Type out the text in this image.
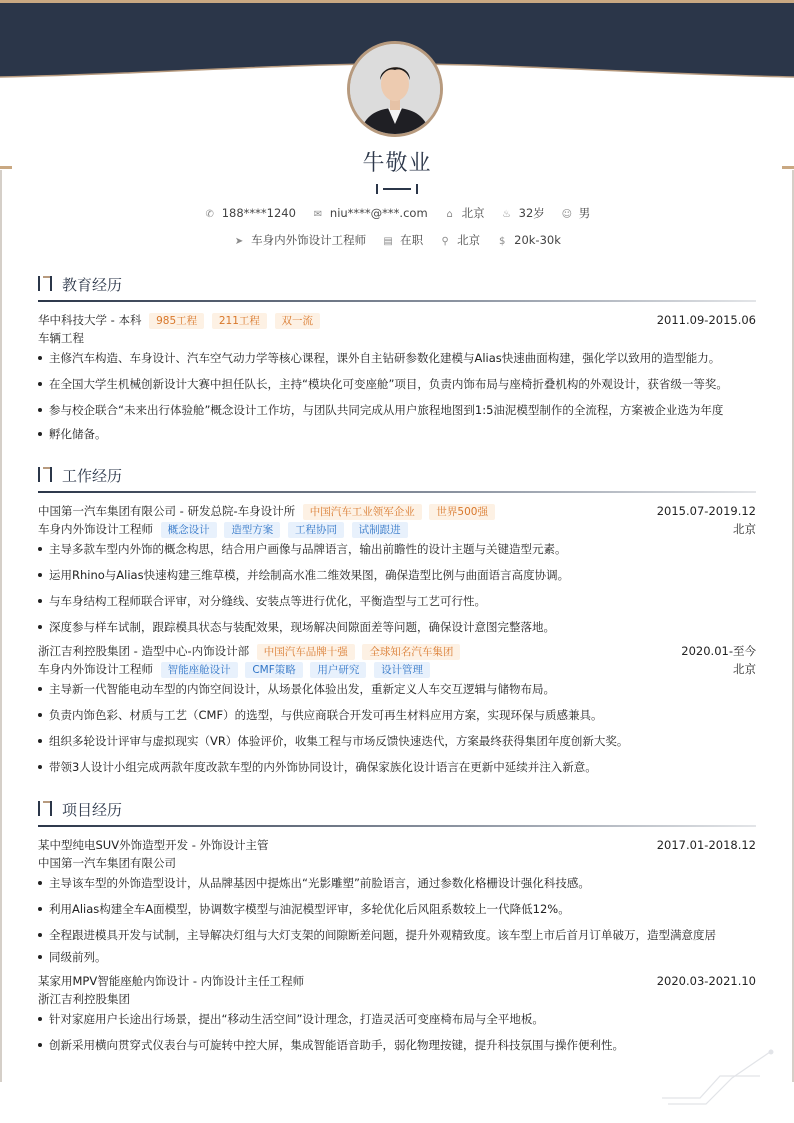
牛敬业
✆ 188****1240 ✉ niu****@***.com ⌂ 北京 ♨ 32岁 ☺ 男
➤ 车身内外饰设计工程师 ▤ 在职 ⚲ 北京 $ 20k-30k
教育经历
华中科技大学 - 本科 985工程 211工程 双一流	2011.09-2015.06
车辆工程
主修汽车构造、车身设计、汽车空气动力学等核心课程，课外自主钻研参数化建模与Alias快速曲面构建，强化学以致用的造型能力。
在全国大学生机械创新设计大赛中担任队长，主持“模块化可变座舱”项目，负责内饰布局与座椅折叠机构的外观设计，获省级一等奖。
参与校企联合“未来出行体验舱”概念设计工作坊，与团队共同完成从用户旅程地图到1:5油泥模型制作的全流程，方案被企业选为年度
孵化储备。
工作经历
中国第一汽车集团有限公司 - 研发总院-车身设计所 中国汽车工业领军企业 世界500强	2015.07-2019.12
车身内外饰设计工程师 概念设计 造型方案 工程协同 试制跟进	北京
主导多款车型内外饰的概念构思，结合用户画像与品牌语言，输出前瞻性的设计主题与关键造型元素。
运用Rhino与Alias快速构建三维草模，并绘制高水准二维效果图，确保造型比例与曲面语言高度协调。
与车身结构工程师联合评审，对分缝线、安装点等进行优化，平衡造型与工艺可行性。
深度参与样车试制，跟踪模具状态与装配效果，现场解决间隙面差等问题，确保设计意图完整落地。
浙江吉利控股集团 - 造型中心-内饰设计部 中国汽车品牌十强 全球知名汽车集团	2020.01-至今
车身内外饰设计工程师 智能座舱设计 CMF策略 用户研究 设计管理	北京
主导新一代智能电动车型的内饰空间设计，从场景化体验出发，重新定义人车交互逻辑与储物布局。
负责内饰色彩、材质与工艺（CMF）的选型，与供应商联合开发可再生材料应用方案，实现环保与质感兼具。
组织多轮设计评审与虚拟现实（VR）体验评价，收集工程与市场反馈快速迭代，方案最终获得集团年度创新大奖。
带领3人设计小组完成两款年度改款车型的内外饰协同设计，确保家族化设计语言在更新中延续并注入新意。
项目经历
某中型纯电SUV外饰造型开发 - 外饰设计主管	2017.01-2018.12
中国第一汽车集团有限公司
主导该车型的外饰造型设计，从品牌基因中提炼出“光影雕塑”前脸语言，通过参数化格栅设计强化科技感。
利用Alias构建全车A面模型，协调数字模型与油泥模型评审，多轮优化后风阻系数较上一代降低12%。
全程跟进模具开发与试制，主导解决灯组与大灯支架的间隙断差问题，提升外观精致度。该车型上市后首月订单破万，造型满意度居
同级前列。
某家用MPV智能座舱内饰设计 - 内饰设计主任工程师	2020.03-2021.10
浙江吉利控股集团
针对家庭用户长途出行场景，提出“移动生活空间”设计理念，打造灵活可变座椅布局与全平地板。
创新采用横向贯穿式仪表台与可旋转中控大屏，集成智能语音助手，弱化物理按键，提升科技氛围与操作便利性。
